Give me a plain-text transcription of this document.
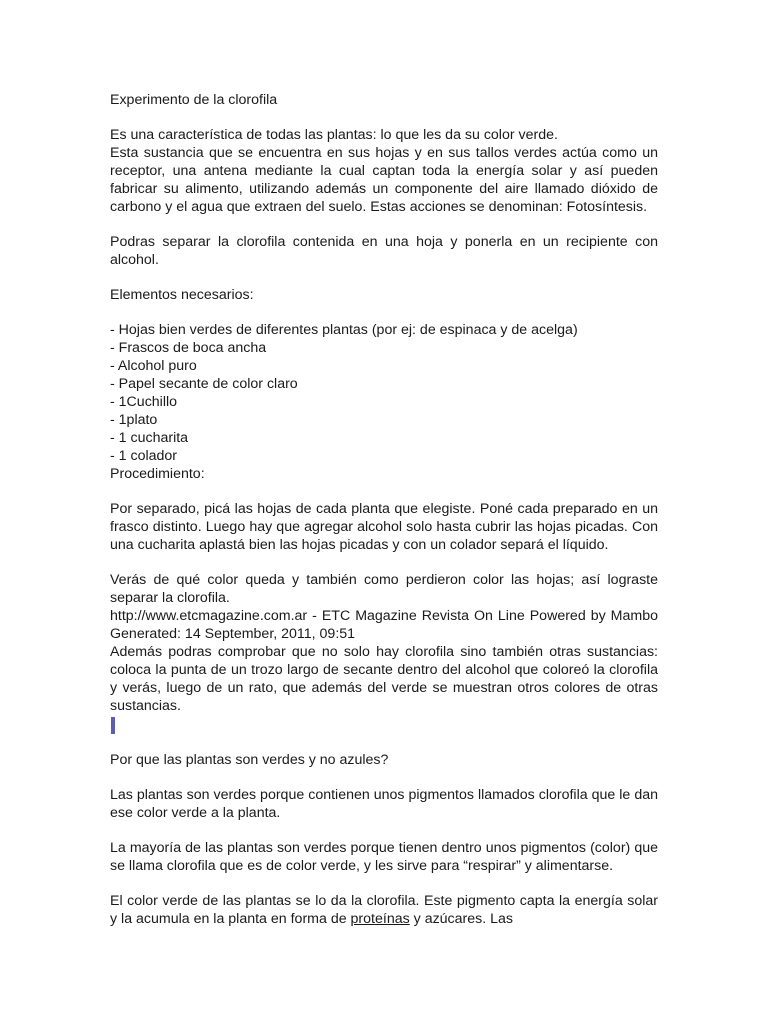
Experimento de la clorofila

Es una característica de todas las plantas: lo que les da su color verde.

Esta sustancia que se encuentra en sus hojas y en sus tallos verdes actúa como un receptor, una antena mediante la cual captan toda la energía solar y así pueden fabricar su alimento, utilizando además un componente del aire llamado dióxido de carbono y el agua que extraen del suelo. Estas acciones se denominan: Fotosíntesis.

Podras separar la clorofila contenida en una hoja y ponerla en un recipiente con alcohol.

Elementos necesarios:

- Hojas bien verdes de diferentes plantas (por ej: de espinaca y de acelga)

- Frascos de boca ancha

- Alcohol puro

- Papel secante de color claro

- 1Cuchillo

- 1plato

- 1 cucharita

- 1 colador

Procedimiento:

Por separado, picá las hojas de cada planta que elegiste. Poné cada preparado en un frasco distinto. Luego hay que agregar alcohol solo hasta cubrir las hojas picadas. Con una cucharita aplastá bien las hojas picadas y con un colador separá el líquido.

Verás de qué color queda y también como perdieron color las hojas; así lograste separar la clorofila.

http://www.etcmagazine.com.ar - ETC Magazine Revista On Line Powered by Mambo Generated: 14 September, 2011, 09:51

Además podras comprobar que no solo hay clorofila sino también otras sustancias: coloca la punta de un trozo largo de secante dentro del alcohol que coloreó la clorofila y verás, luego de un rato, que además del verde se muestran otros colores de otras sustancias.

Por que las plantas son verdes y no azules?

Las plantas son verdes porque contienen unos pigmentos llamados clorofila que le dan ese color verde a la planta.

La mayoría de las plantas son verdes porque tienen dentro unos pigmentos (color) que se llama clorofila que es de color verde, y les sirve para “respirar” y alimentarse.

El color verde de las plantas se lo da la clorofila. Este pigmento capta la energía solar y la acumula en la planta en forma de proteínas y azúcares. Las
